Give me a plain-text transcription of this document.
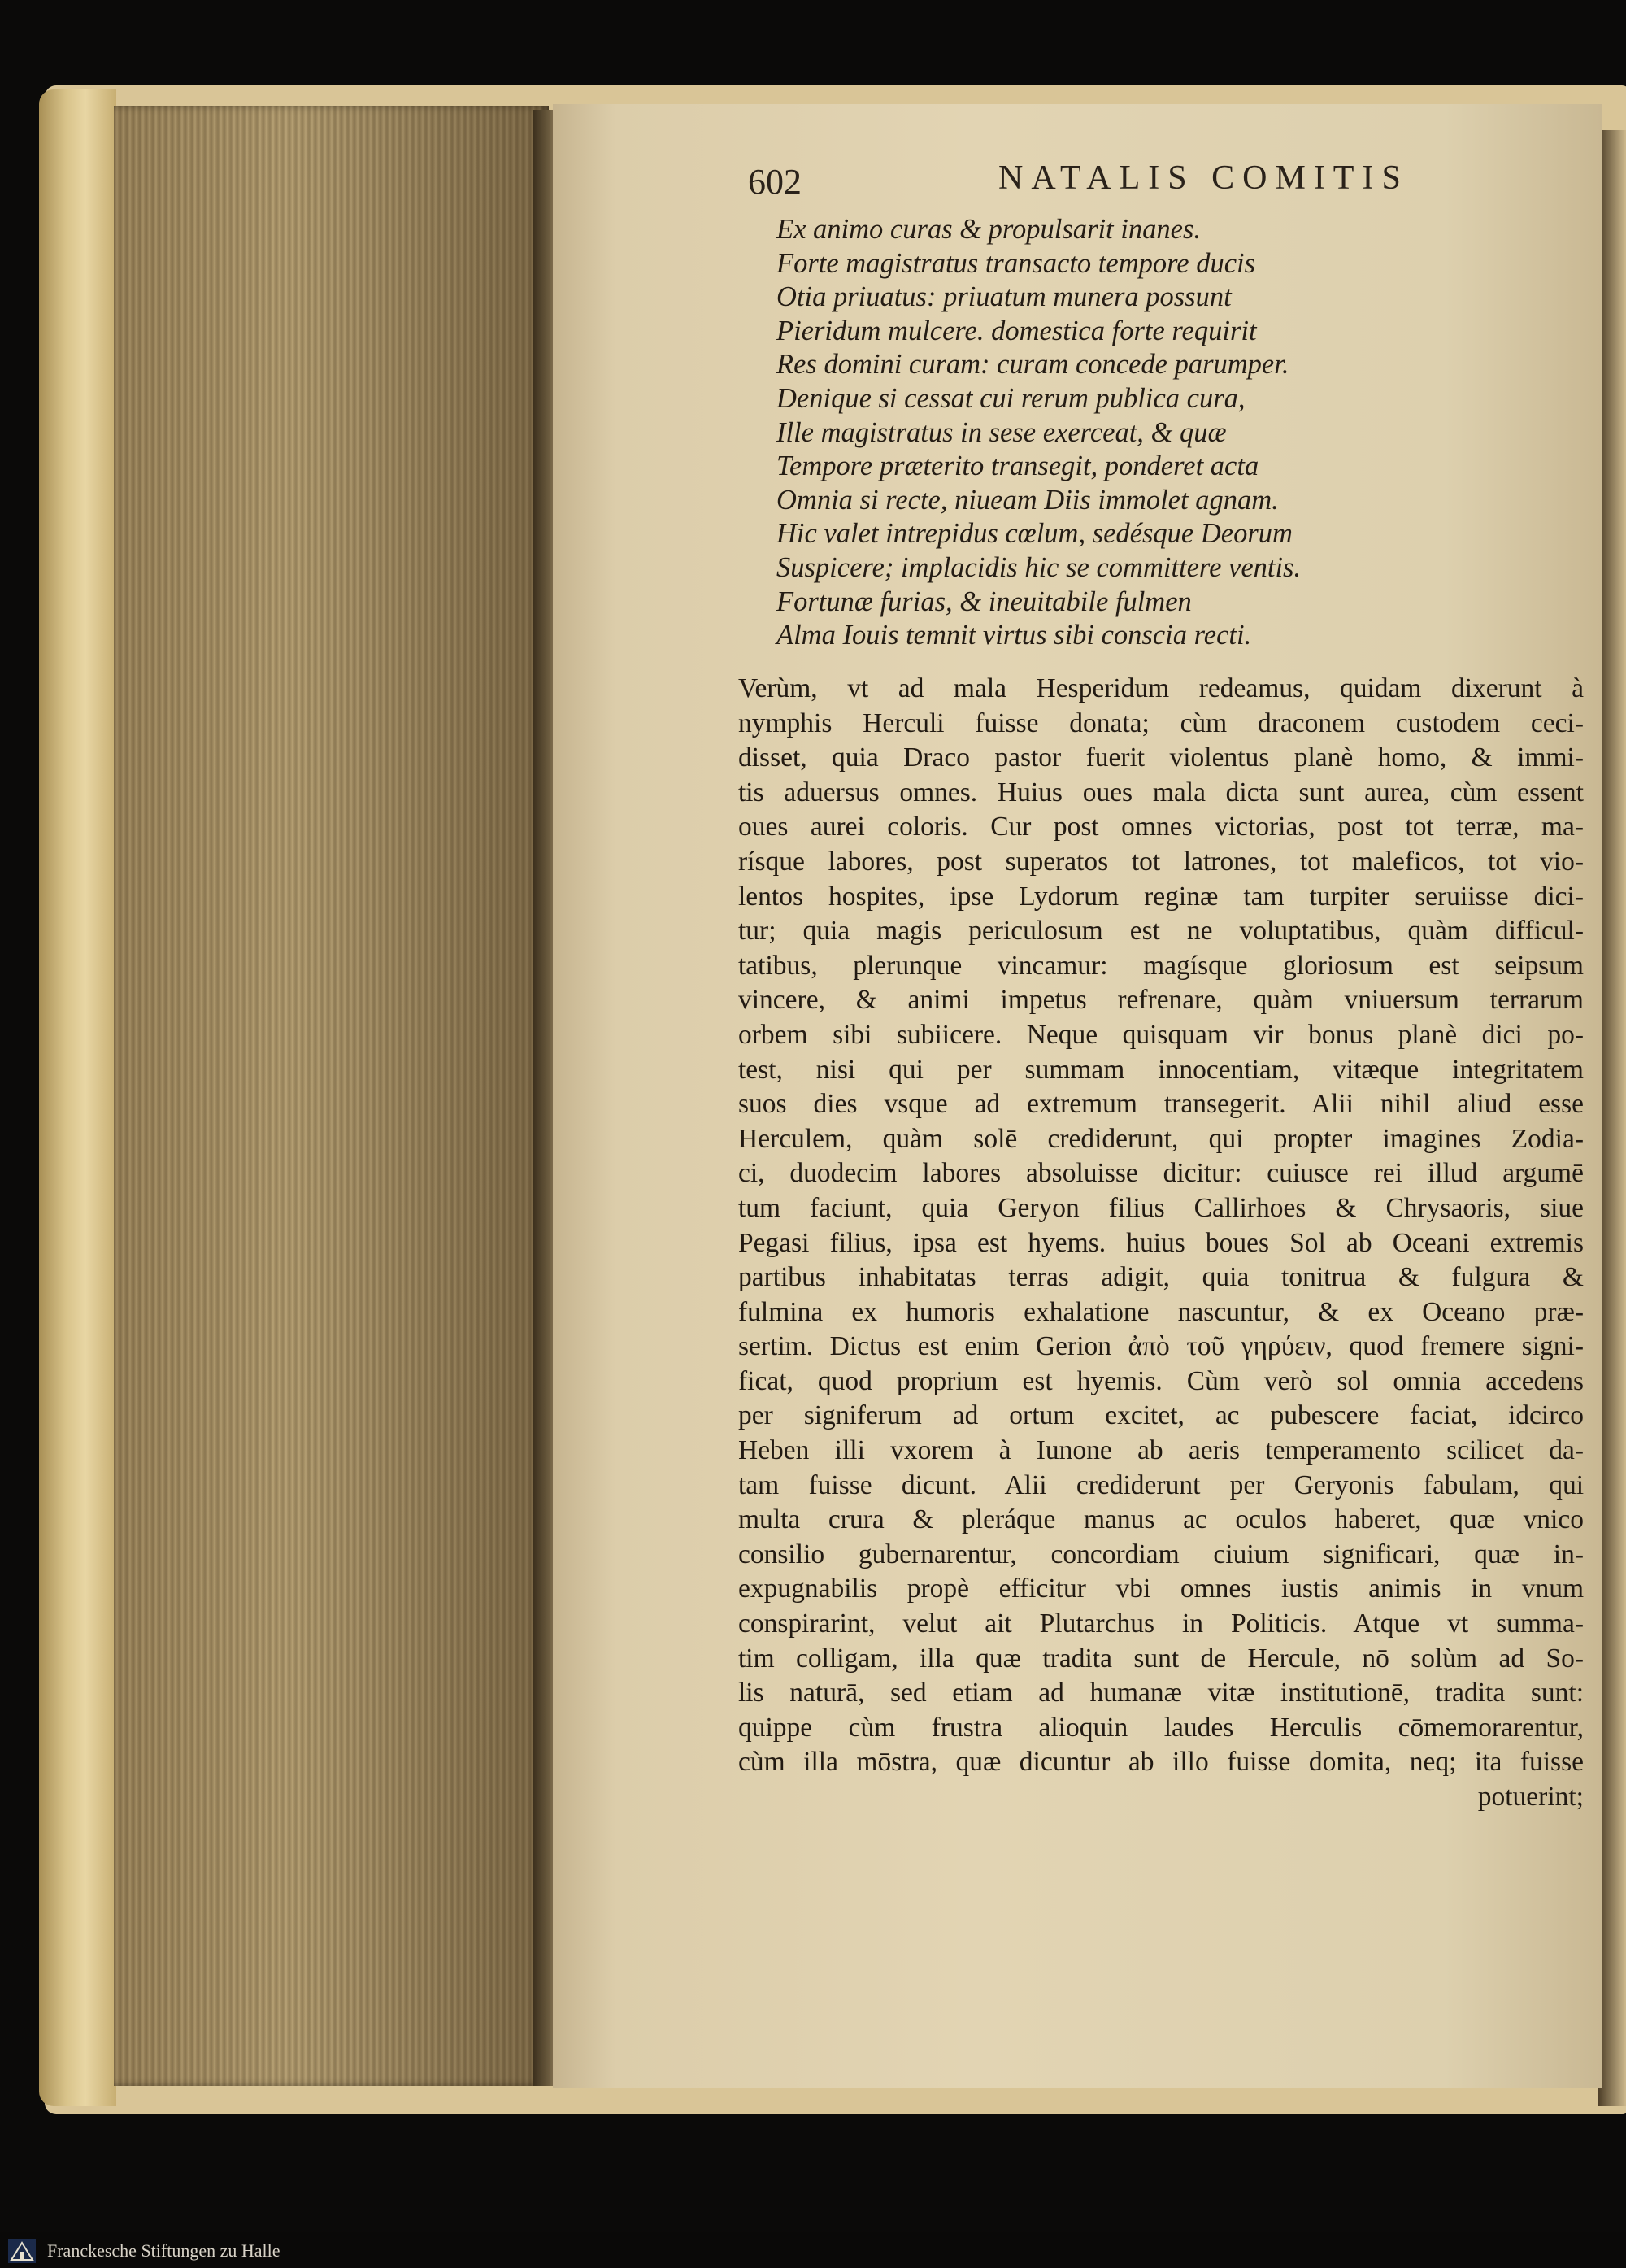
602	NATALIS COMITIS
Ex animo curas & propulsarit inanes.
Forte magistratus transacto tempore ducis
Otia priuatus: priuatum munera possunt
Pieridum mulcere. domestica forte requirit
Res domini curam: curam concede parumper.
Denique si cessat cui rerum publica cura,
Ille magistratus in sese exerceat, & quæ
Tempore præterito transegit, ponderet acta
Omnia si recte, niueam Diis immolet agnam.
Hic valet intrepidus cœlum, sedésque Deorum
Suspicere; implacidis hic se committere ventis.
Fortunæ furias, & ineuitabile fulmen
Alma Iouis temnit virtus sibi conscia recti.
Verùm, vt ad mala Hesperidum redeamus, quidam dixerunt à
nymphis Herculi fuisse donata; cùm draconem custodem ceci-
disset, quia Draco pastor fuerit violentus planè homo, & immi-
tis aduersus omnes. Huius oues mala dicta sunt aurea, cùm essent
oues aurei coloris. Cur post omnes victorias, post tot terræ, ma-
rísque labores, post superatos tot latrones, tot maleficos, tot vio-
lentos hospites, ipse Lydorum reginæ tam turpiter seruiisse dici-
tur; quia magis periculosum est ne voluptatibus, quàm difficul-
tatibus, plerunque vincamur: magísque gloriosum est seipsum
vincere, & animi impetus refrenare, quàm vniuersum terrarum
orbem sibi subiicere. Neque quisquam vir bonus planè dici po-
test, nisi qui per summam innocentiam, vitæque integritatem
suos dies vsque ad extremum transegerit. Alii nihil aliud esse
Herculem, quàm solē crediderunt, qui propter imagines Zodia-
ci, duodecim labores absoluisse dicitur: cuiusce rei illud argumē
tum faciunt, quia Geryon filius Callirhoes & Chrysaoris, siue
Pegasi filius, ipsa est hyems. huius boues Sol ab Oceani extremis
partibus inhabitatas terras adigit, quia tonitrua & fulgura &
fulmina ex humoris exhalatione nascuntur, & ex Oceano præ-
sertim. Dictus est enim Gerion ἀπὸ τοῦ γηρύειν, quod fremere signi-
ficat, quod proprium est hyemis. Cùm verò sol omnia accedens
per signiferum ad ortum excitet, ac pubescere faciat, idcirco
Heben illi vxorem à Iunone ab aeris temperamento scilicet da-
tam fuisse dicunt. Alii crediderunt per Geryonis fabulam, qui
multa crura & pleráque manus ac oculos haberet, quæ vnico
consilio gubernarentur, concordiam ciuium significari, quæ in-
expugnabilis propè efficitur vbi omnes iustis animis in vnum
conspirarint, velut ait Plutarchus in Politicis. Atque vt summa-
tim colligam, illa quæ tradita sunt de Hercule, nō solùm ad So-
lis naturā, sed etiam ad humanæ vitæ institutionē, tradita sunt:
quippe cùm frustra alioquin laudes Herculis cōmemorarentur,
cùm illa mōstra, quæ dicuntur ab illo fuisse domita, neq; ita fuisse
potuerint;
Franckesche Stiftungen zu Halle
